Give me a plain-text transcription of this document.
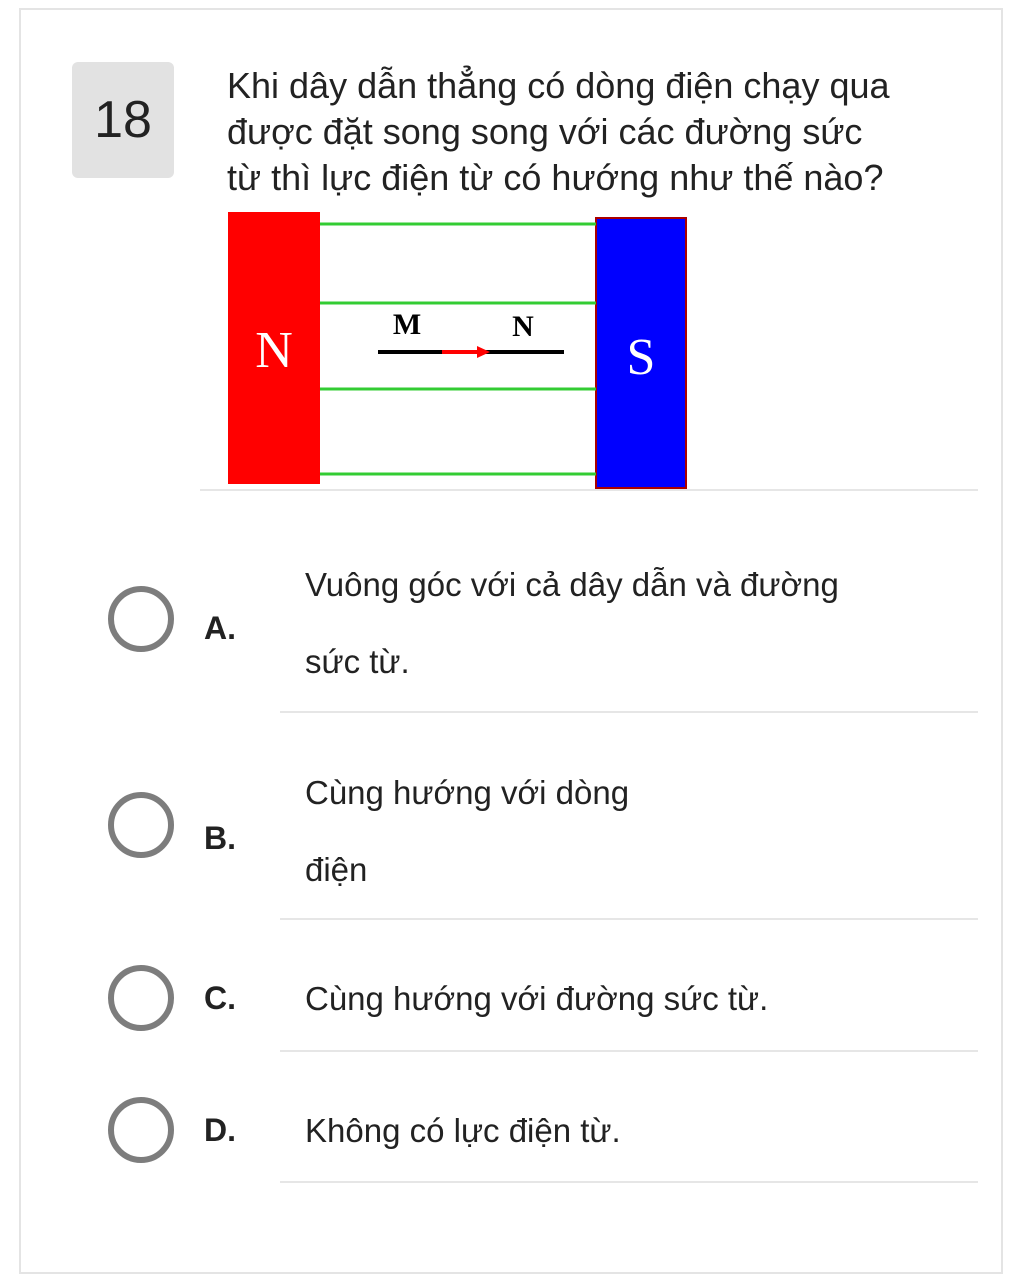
18
Khi dây dẫn thẳng có dòng điện chạy qua
được đặt song song với các đường sức
từ thì lực điện từ có hướng như thế nào?
N	S
M	N
A.
Vuông góc với cả dây dẫn và đường
sức từ.
B.
Cùng hướng với dòng
điện
C. Cùng hướng với đường sức từ.
D. Không có lực điện từ.
